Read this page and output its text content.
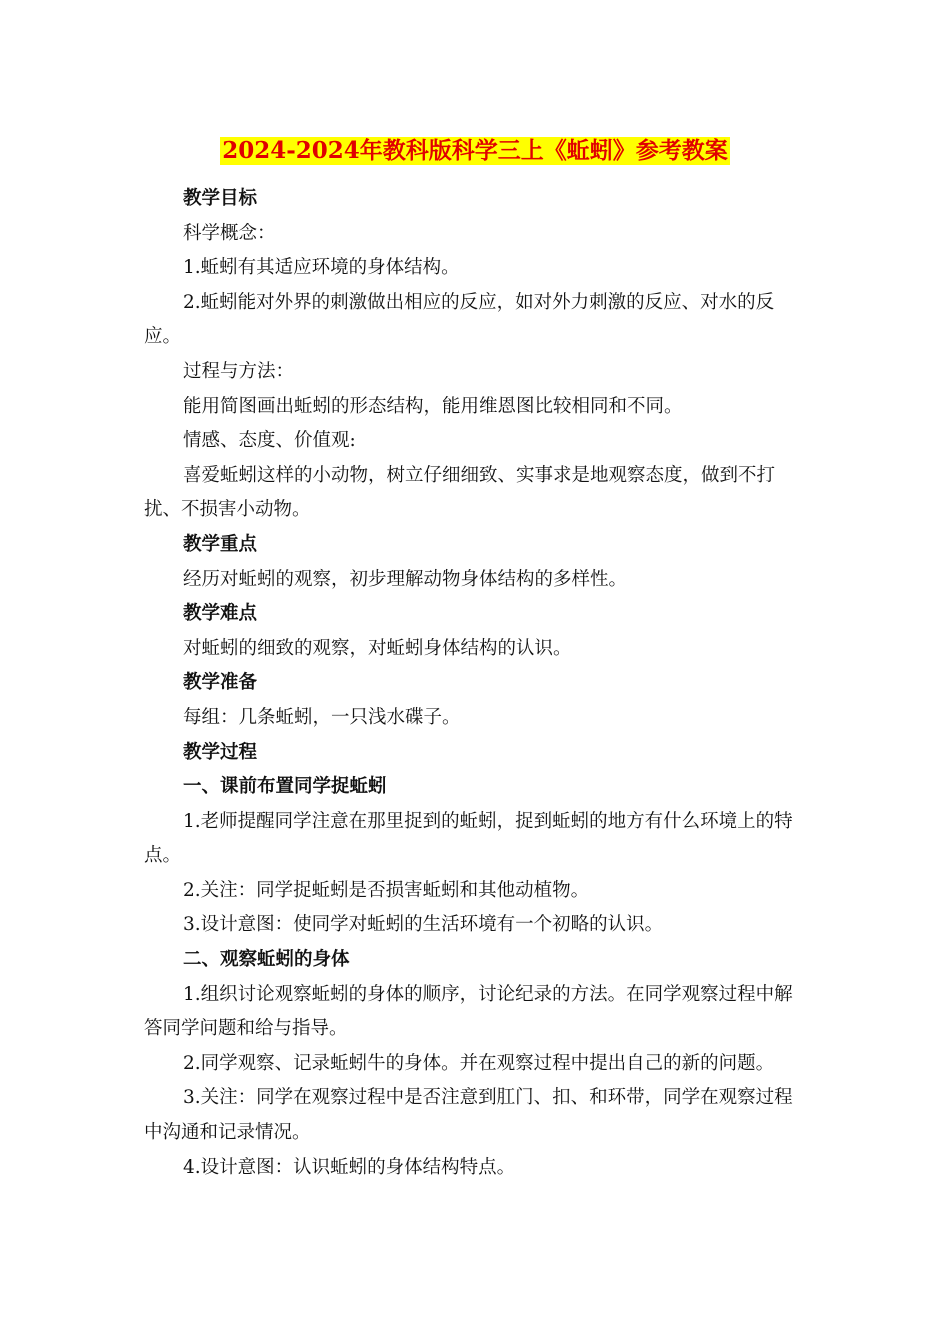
2024-2024年教科版科学三上《蚯蚓》参考教案

教学目标

科学概念：

1.蚯蚓有其适应环境的身体结构。

2.蚯蚓能对外界的刺激做出相应的反应，如对外力刺激的反应、对水的反应。

过程与方法：

能用简图画出蚯蚓的形态结构，能用维恩图比较相同和不同。

情感、态度、价值观:

喜爱蚯蚓这样的小动物，树立仔细细致、实事求是地观察态度，做到不打扰、不损害小动物。

教学重点

经历对蚯蚓的观察，初步理解动物身体结构的多样性。

教学难点

对蚯蚓的细致的观察，对蚯蚓身体结构的认识。

教学准备

每组：几条蚯蚓，一只浅水碟子。

教学过程

一、课前布置同学捉蚯蚓

1.老师提醒同学注意在那里捉到的蚯蚓，捉到蚯蚓的地方有什么环境上的特点。

2.关注：同学捉蚯蚓是否损害蚯蚓和其他动植物。

3.设计意图：使同学对蚯蚓的生活环境有一个初略的认识。

二、观察蚯蚓的身体

1.组织讨论观察蚯蚓的身体的顺序，讨论纪录的方法。在同学观察过程中解答同学问题和给与指导。

2.同学观察、记录蚯蚓牛的身体。并在观察过程中提出自己的新的问题。

3.关注：同学在观察过程中是否注意到肛门、扣、和环带，同学在观察过程中沟通和记录情况。

4.设计意图：认识蚯蚓的身体结构特点。
